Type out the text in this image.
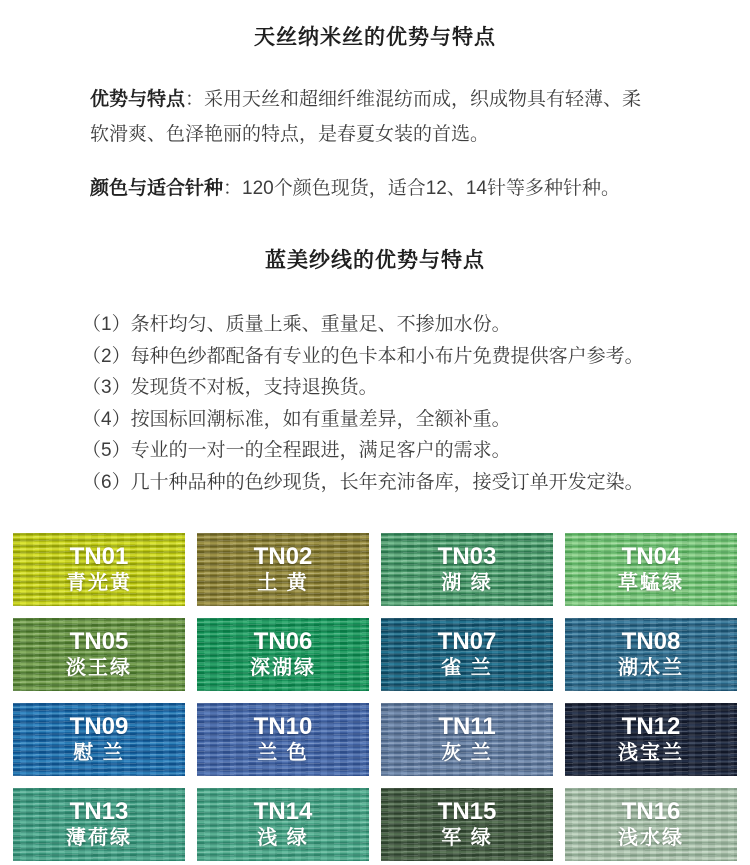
天丝纳米丝的优势与特点

优势与特点：采用天丝和超细纤维混纺而成，织成物具有轻薄、柔软滑爽、色泽艳丽的特点，是春夏女装的首选。

颜色与适合针种：120个颜色现货，适合12、14针等多种针种。

蓝美纱线的优势与特点
（1）条杆均匀、质量上乘、重量足、不掺加水份。
（2）每种色纱都配备有专业的色卡本和小布片免费提供客户参考。
（3）发现货不对板，支持退换货。
（4）按国标回潮标准，如有重量差异，全额补重。
（5）专业的一对一的全程跟进，满足客户的需求。
（6）几十种品种的色纱现货，长年充沛备库，接受订单开发定染。
TN01
青光黄
TN02
土 黄
TN03
湖 绿
TN04
草蜢绿
TN05
淡王绿
TN06
深湖绿
TN07
雀 兰
TN08
湖水兰
TN09
慰 兰
TN10
兰 色
TN11
灰 兰
TN12
浅宝兰
TN13
薄荷绿
TN14
浅 绿
TN15
军 绿
TN16
浅水绿
